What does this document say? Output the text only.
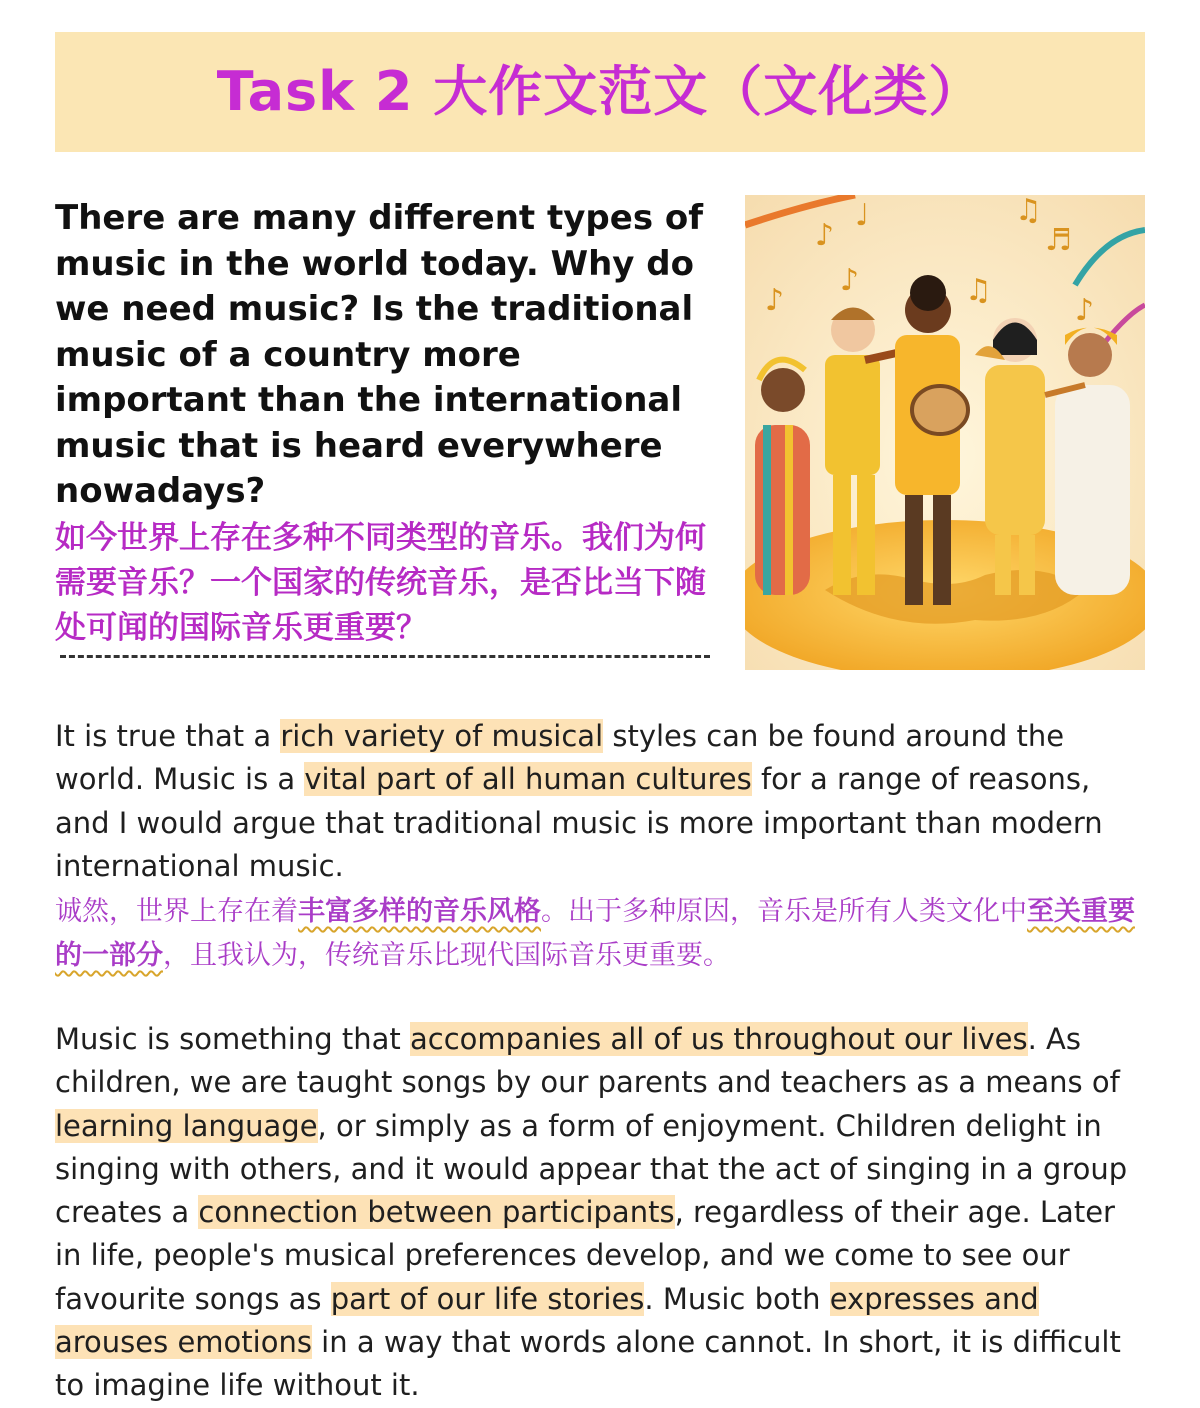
Task 2 大作文范文（文化类）

There are many different types of music in the world today. Why do we need music? Is the traditional music of a country more important than the international music that is heard everywhere nowadays?

如今世界上存在多种不同类型的音乐。我们为何需要音乐？一个国家的传统音乐，是否比当下随处可闻的国际音乐更重要？

♪
♩	♫
♬
♪
♪	♫
♪

It is true that a rich variety of musical styles can be found around the world. Music is a vital part of all human cultures for a range of reasons, and I would argue that traditional music is more important than modern international music.

诚然，世界上存在着丰富多样的音乐风格。出于多种原因，音乐是所有人类文化中至关重要的一部分，且我认为，传统音乐比现代国际音乐更重要。

Music is something that accompanies all of us throughout our lives. As children, we are taught songs by our parents and teachers as a means of learning language, or simply as a form of enjoyment. Children delight in singing with others, and it would appear that the act of singing in a group creates a connection between participants, regardless of their age. Later in life, people's musical preferences develop, and we come to see our favourite songs as part of our life stories. Music both expresses and arouses emotions in a way that words alone cannot. In short, it is difficult to imagine life without it.
